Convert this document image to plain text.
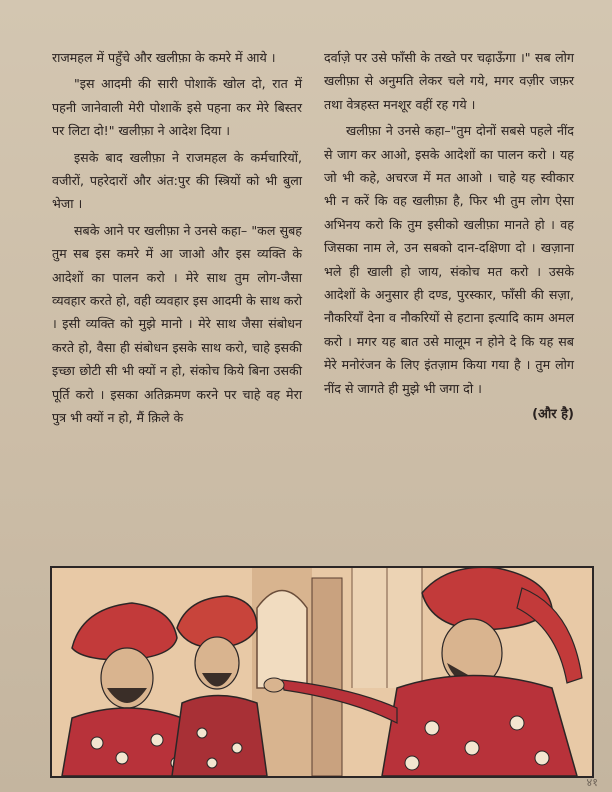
राजमहल में पहुँचे और खलीफ़ा के कमरे में आये ।

"इस आदमी की सारी पोशाकें खोल दो, रात में पहनी जानेवाली मेरी पोशाकें इसे पहना कर मेरे बिस्तर पर लिटा दो!" खलीफ़ा ने आदेश दिया ।

इसके बाद खलीफ़ा ने राजमहल के कर्मचारियों, वजीरों, पहरेदारों और अंत:पुर की स्त्रियों को भी बुला भेजा ।

सबके आने पर खलीफ़ा ने उनसे कहा– "कल सुबह तुम सब इस कमरे में आ जाओ और इस व्यक्ति के आदेशों का पालन करो । मेरे साथ तुम लोग-जैसा व्यवहार करते हो, वही व्यवहार इस आदमी के साथ करो । इसी व्यक्ति को मुझे मानो । मेरे साथ जैसा संबोधन करते हो, वैसा ही संबोधन इसके साथ करो, चाहे इसकी इच्छा छोटी सी भी क्यों न हो, संकोच किये बिना उसकी पूर्ति करो । इसका अतिक्रमण करने पर चाहे वह मेरा पुत्र भी क्यों न हो, मैं क़िले के

दर्वाज़े पर उसे फाँसी के तख्ते पर चढ़ाऊँगा ।" सब लोग खलीफ़ा से अनुमति लेकर चले गये, मगर वज़ीर जफ़र तथा वेत्रहस्त मनशूर वहीं रह गये ।

खलीफ़ा ने उनसे कहा–"तुम दोनों सबसे पहले नींद से जाग कर आओ, इसके आदेशों का पालन करो । यह जो भी कहे, अचरज में मत आओ । चाहे यह स्वीकार भी न करें कि वह खलीफ़ा है, फिर भी तुम लोग ऐसा अभिनय करो कि तुम इसीको खलीफ़ा मानते हो । वह जिसका नाम ले, उन सबको दान-दक्षिणा दो । खज़ाना भले ही खाली हो जाय, संकोच मत करो । उसके आदेशों के अनुसार ही दण्ड, पुरस्कार, फाँसी की सज़ा, नौकरियाँ देना व नौकरियों से हटाना इत्यादि काम अमल करो । मगर यह बात उसे मालूम न होने दे कि यह सब मेरे मनोरंजन के लिए इंतज़ाम किया गया है । तुम लोग नींद से जागते ही मुझे भी जगा दो ।

(और है)
४१
